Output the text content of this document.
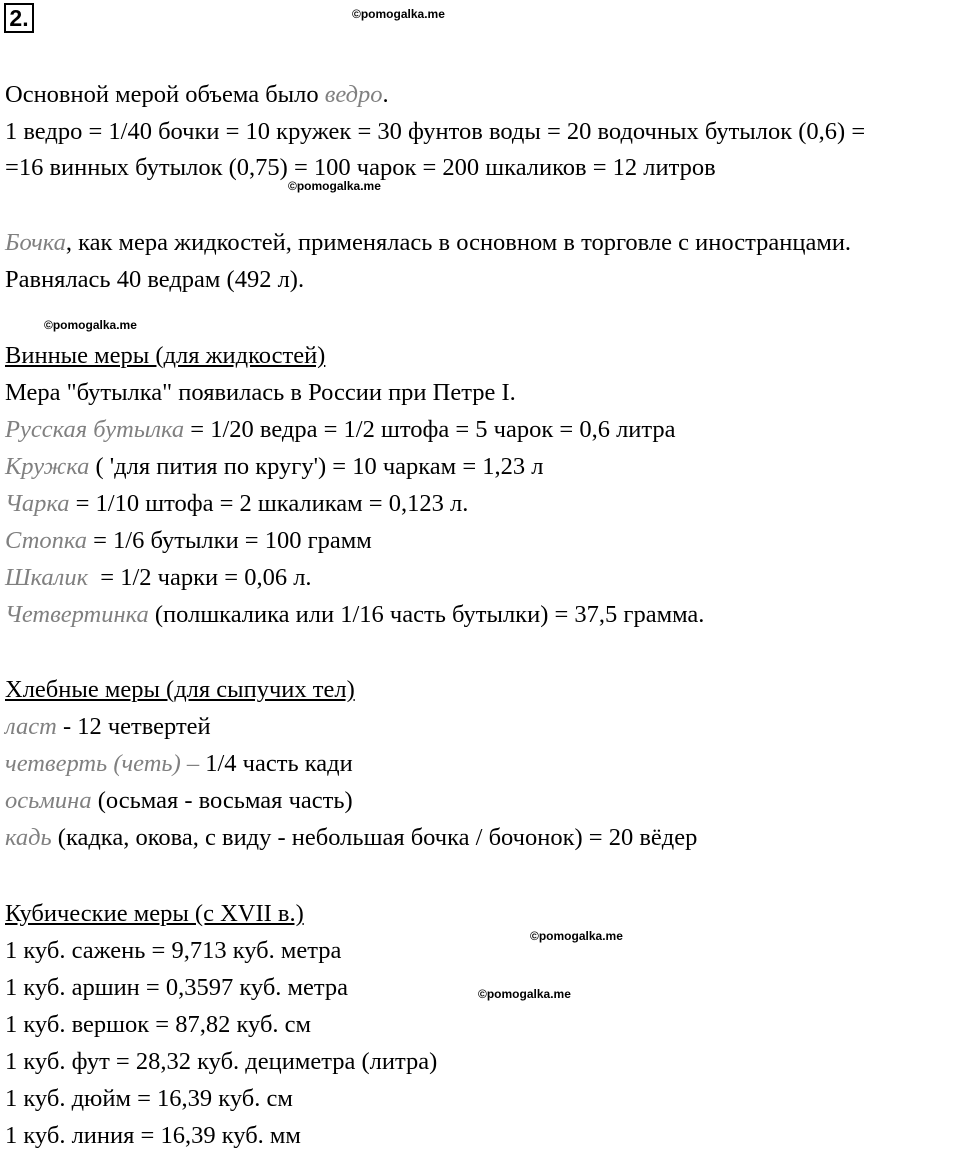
2.	©pomogalka.me
©pomogalka.me
©pomogalka.me
©pomogalka.me
©pomogalka.me
Основной мерой объема было ведро.
1 ведро = 1/40 бочки = 10 кружек = 30 фунтов воды = 20 водочных бутылок (0,6) =
=16 винных бутылок (0,75) = 100 чарок = 200 шкаликов = 12 литров
Бочка, как мера жидкостей, применялась в основном в торговле с иностранцами.
Равнялась 40 ведрам (492 л).
Винные меры (для жидкостей)
Мера "бутылка" появилась в России при Петре I.
Русская бутылка = 1/20 ведра = 1/2 штофа = 5 чарок = 0,6 литра
Кружка ( 'для пития по кругу') = 10 чаркам = 1,23 л
Чарка = 1/10 штофа = 2 шкаликам = 0,123 л.
Стопка = 1/6 бутылки = 100 грамм
Шкалик  = 1/2 чарки = 0,06 л.
Четвертинка (полшкалика или 1/16 часть бутылки) = 37,5 грамма.
Хлебные меры (для сыпучих тел)
ласт - 12 четвертей
четверть (четь) – 1/4 часть кади
осьмина (осьмая - восьмая часть)
кадь (кадка, окова, с виду - небольшая бочка / бочонок) = 20 вёдер
Кубические меры (с XVII в.)
1 куб. сажень = 9,713 куб. метра
1 куб. аршин = 0,3597 куб. метра
1 куб. вершок = 87,82 куб. см
1 куб. фут = 28,32 куб. дециметра (литра)
1 куб. дюйм = 16,39 куб. см
1 куб. линия = 16,39 куб. мм
